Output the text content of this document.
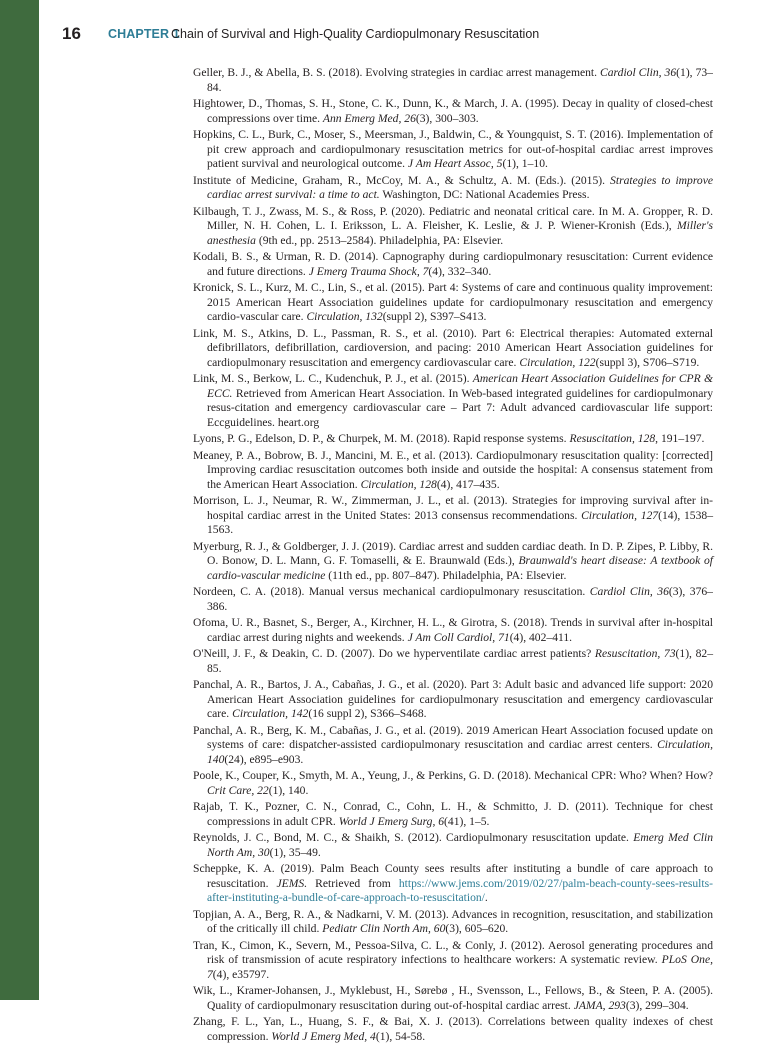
16 CHAPTER 1
Chain of Survival and High-Quality Cardiopulmonary Resuscitation
Geller, B. J., & Abella, B. S. (2018). Evolving strategies in cardiac arrest management. Cardiol Clin, 36(1), 73–84.
Hightower, D., Thomas, S. H., Stone, C. K., Dunn, K., & March, J. A. (1995). Decay in quality of closed-chest compressions over time. Ann Emerg Med, 26(3), 300–303.
Hopkins, C. L., Burk, C., Moser, S., Meersman, J., Baldwin, C., & Youngquist, S. T. (2016). Implementation of pit crew approach and cardiopulmonary resuscitation metrics for out-of-hospital cardiac arrest improves patient survival and neurological outcome. J Am Heart Assoc, 5(1), 1–10.
Institute of Medicine, Graham, R., McCoy, M. A., & Schultz, A. M. (Eds.). (2015). Strategies to improve cardiac arrest survival: a time to act. Washington, DC: National Academies Press.
Kilbaugh, T. J., Zwass, M. S., & Ross, P. (2020). Pediatric and neonatal critical care. In M. A. Gropper, R. D. Miller, N. H. Cohen, L. I. Eriksson, L. A. Fleisher, K. Leslie, & J. P. Wiener-Kronish (Eds.), Miller's anesthesia (9th ed., pp. 2513–2584). Philadelphia, PA: Elsevier.
Kodali, B. S., & Urman, R. D. (2014). Capnography during cardiopulmonary resuscitation: Current evidence and future directions. J Emerg Trauma Shock, 7(4), 332–340.
Kronick, S. L., Kurz, M. C., Lin, S., et al. (2015). Part 4: Systems of care and continuous quality improvement: 2015 American Heart Association guidelines update for cardiopulmonary resuscitation and emergency cardio-vascular care. Circulation, 132(suppl 2), S397–S413.
Link, M. S., Atkins, D. L., Passman, R. S., et al. (2010). Part 6: Electrical therapies: Automated external defibrillators, defibrillation, cardioversion, and pacing: 2010 American Heart Association guidelines for cardiopulmonary resuscitation and emergency cardiovascular care. Circulation, 122(suppl 3), S706–S719.
Link, M. S., Berkow, L. C., Kudenchuk, P. J., et al. (2015). American Heart Association Guidelines for CPR & ECC. Retrieved from American Heart Association. In Web-based integrated guidelines for cardiopulmonary resus-citation and emergency cardiovascular care – Part 7: Adult advanced cardiovascular life support: Eccguidelines. heart.org
Lyons, P. G., Edelson, D. P., & Churpek, M. M. (2018). Rapid response systems. Resuscitation, 128, 191–197.
Meaney, P. A., Bobrow, B. J., Mancini, M. E., et al. (2013). Cardiopulmonary resuscitation quality: [corrected] Improving cardiac resuscitation outcomes both inside and outside the hospital: A consensus statement from the American Heart Association. Circulation, 128(4), 417–435.
Morrison, L. J., Neumar, R. W., Zimmerman, J. L., et al. (2013). Strategies for improving survival after in-hospital cardiac arrest in the United States: 2013 consensus recommendations. Circulation, 127(14), 1538–1563.
Myerburg, R. J., & Goldberger, J. J. (2019). Cardiac arrest and sudden cardiac death. In D. P. Zipes, P. Libby, R. O. Bonow, D. L. Mann, G. F. Tomaselli, & E. Braunwald (Eds.), Braunwald's heart disease: A textbook of cardio-vascular medicine (11th ed., pp. 807–847). Philadelphia, PA: Elsevier.
Nordeen, C. A. (2018). Manual versus mechanical cardiopulmonary resuscitation. Cardiol Clin, 36(3), 376–386.
Ofoma, U. R., Basnet, S., Berger, A., Kirchner, H. L., & Girotra, S. (2018). Trends in survival after in-hospital cardiac arrest during nights and weekends. J Am Coll Cardiol, 71(4), 402–411.
O'Neill, J. F., & Deakin, C. D. (2007). Do we hyperventilate cardiac arrest patients? Resuscitation, 73(1), 82–85.
Panchal, A. R., Bartos, J. A., Cabañas, J. G., et al. (2020). Part 3: Adult basic and advanced life support: 2020 American Heart Association guidelines for cardiopulmonary resuscitation and emergency cardiovascular care. Circulation, 142(16 suppl 2), S366–S468.
Panchal, A. R., Berg, K. M., Cabañas, J. G., et al. (2019). 2019 American Heart Association focused update on systems of care: dispatcher-assisted cardiopulmonary resuscitation and cardiac arrest centers. Circulation, 140(24), e895–e903.
Poole, K., Couper, K., Smyth, M. A., Yeung, J., & Perkins, G. D. (2018). Mechanical CPR: Who? When? How? Crit Care, 22(1), 140.
Rajab, T. K., Pozner, C. N., Conrad, C., Cohn, L. H., & Schmitto, J. D. (2011). Technique for chest compressions in adult CPR. World J Emerg Surg, 6(41), 1–5.
Reynolds, J. C., Bond, M. C., & Shaikh, S. (2012). Cardiopulmonary resuscitation update. Emerg Med Clin North Am, 30(1), 35–49.
Scheppke, K. A. (2019). Palm Beach County sees results after instituting a bundle of care approach to resuscitation. JEMS. Retrieved from https://www.jems.com/2019/02/27/palm-beach-county-sees-results-after-instituting-a-bundle-of-care-approach-to-resuscitation/.
Topjian, A. A., Berg, R. A., & Nadkarni, V. M. (2013). Advances in recognition, resuscitation, and stabilization of the critically ill child. Pediatr Clin North Am, 60(3), 605–620.
Tran, K., Cimon, K., Severn, M., Pessoa-Silva, C. L., & Conly, J. (2012). Aerosol generating procedures and risk of transmission of acute respiratory infections to healthcare workers: A systematic review. PLoS One, 7(4), e35797.
Wik, L., Kramer-Johansen, J., Myklebust, H., Sørebø , H., Svensson, L., Fellows, B., & Steen, P. A. (2005). Quality of cardiopulmonary resuscitation during out-of-hospital cardiac arrest. JAMA, 293(3), 299–304.
Zhang, F. L., Yan, L., Huang, S. F., & Bai, X. J. (2013). Correlations between quality indexes of chest compression. World J Emerg Med, 4(1), 54-58.
